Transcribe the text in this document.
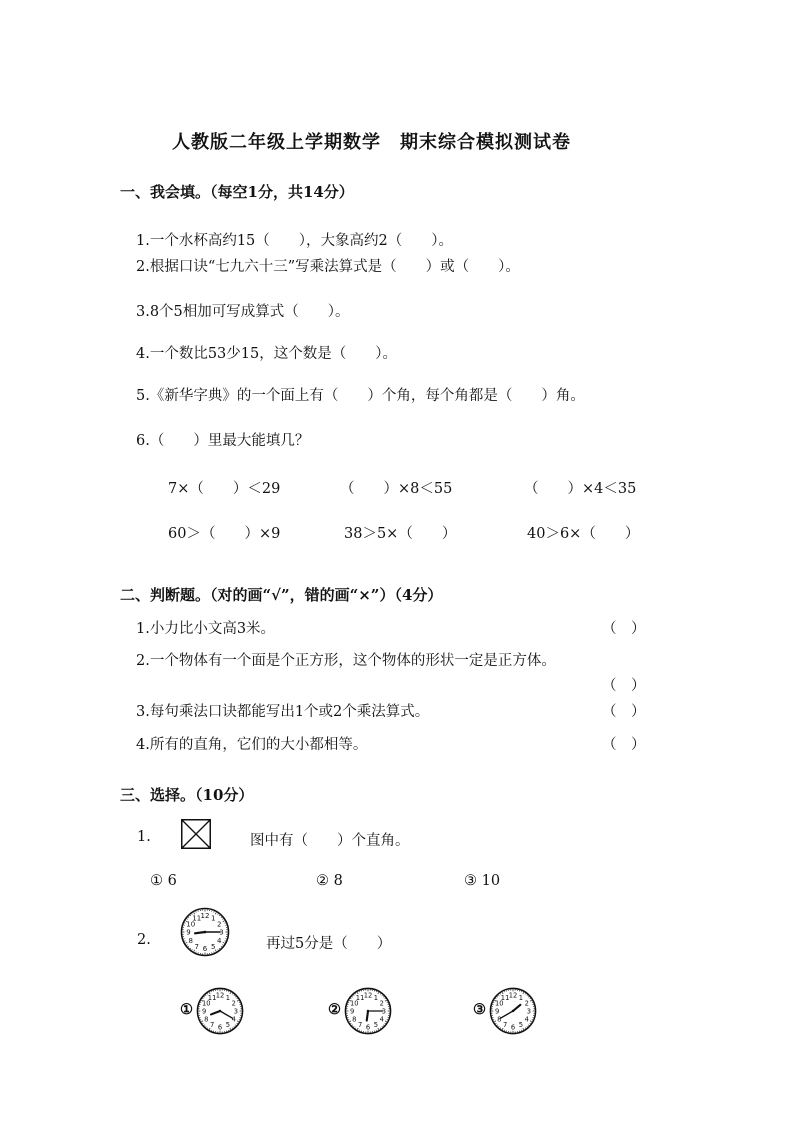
人教版二年级上学期数学　期末综合模拟测试卷
一、我会填。（每空1分，共14分）
1.一个水杯高约15（　　），大象高约2（　　）。
2.根据口诀“七九六十三”写乘法算式是（　　）或（　　）。
3.8个5相加可写成算式（　　）。
4.一个数比53少15，这个数是（　　）。
5.《新华字典》的一个面上有（　　）个角，每个角都是（　　）角。
6.（　　）里最大能填几？
7×（　　）＜29	（　　）×8＜55	（　　）×4＜35
60＞（　　）×9	38＞5×（　　）	40＞6×（　　）
二、判断题。（对的画“√”，错的画“×”）（4分）
1.小力比小文高3米。	（　）
2.一个物体有一个面是个正方形，这个物体的形状一定是正方体。
（　）
3.每句乘法口诀都能写出1个或2个乘法算式。	（　）
4.所有的直角，它们的大小都相等。	（　）
三、选择。（10分）
1.	图中有（　　）个直角。
① 6	② 8	③ 10
2.
1
2
3
4
5
6
7
8
9
10
11 12
再过5分是（　　）
①
1
2
3
4
5
6
7
8
9
10
11 12
②
1
2
3
4
5
6
7
8
9
10
11 12
③
1
2
3
4
5
6
7
8
9
10
11 12
